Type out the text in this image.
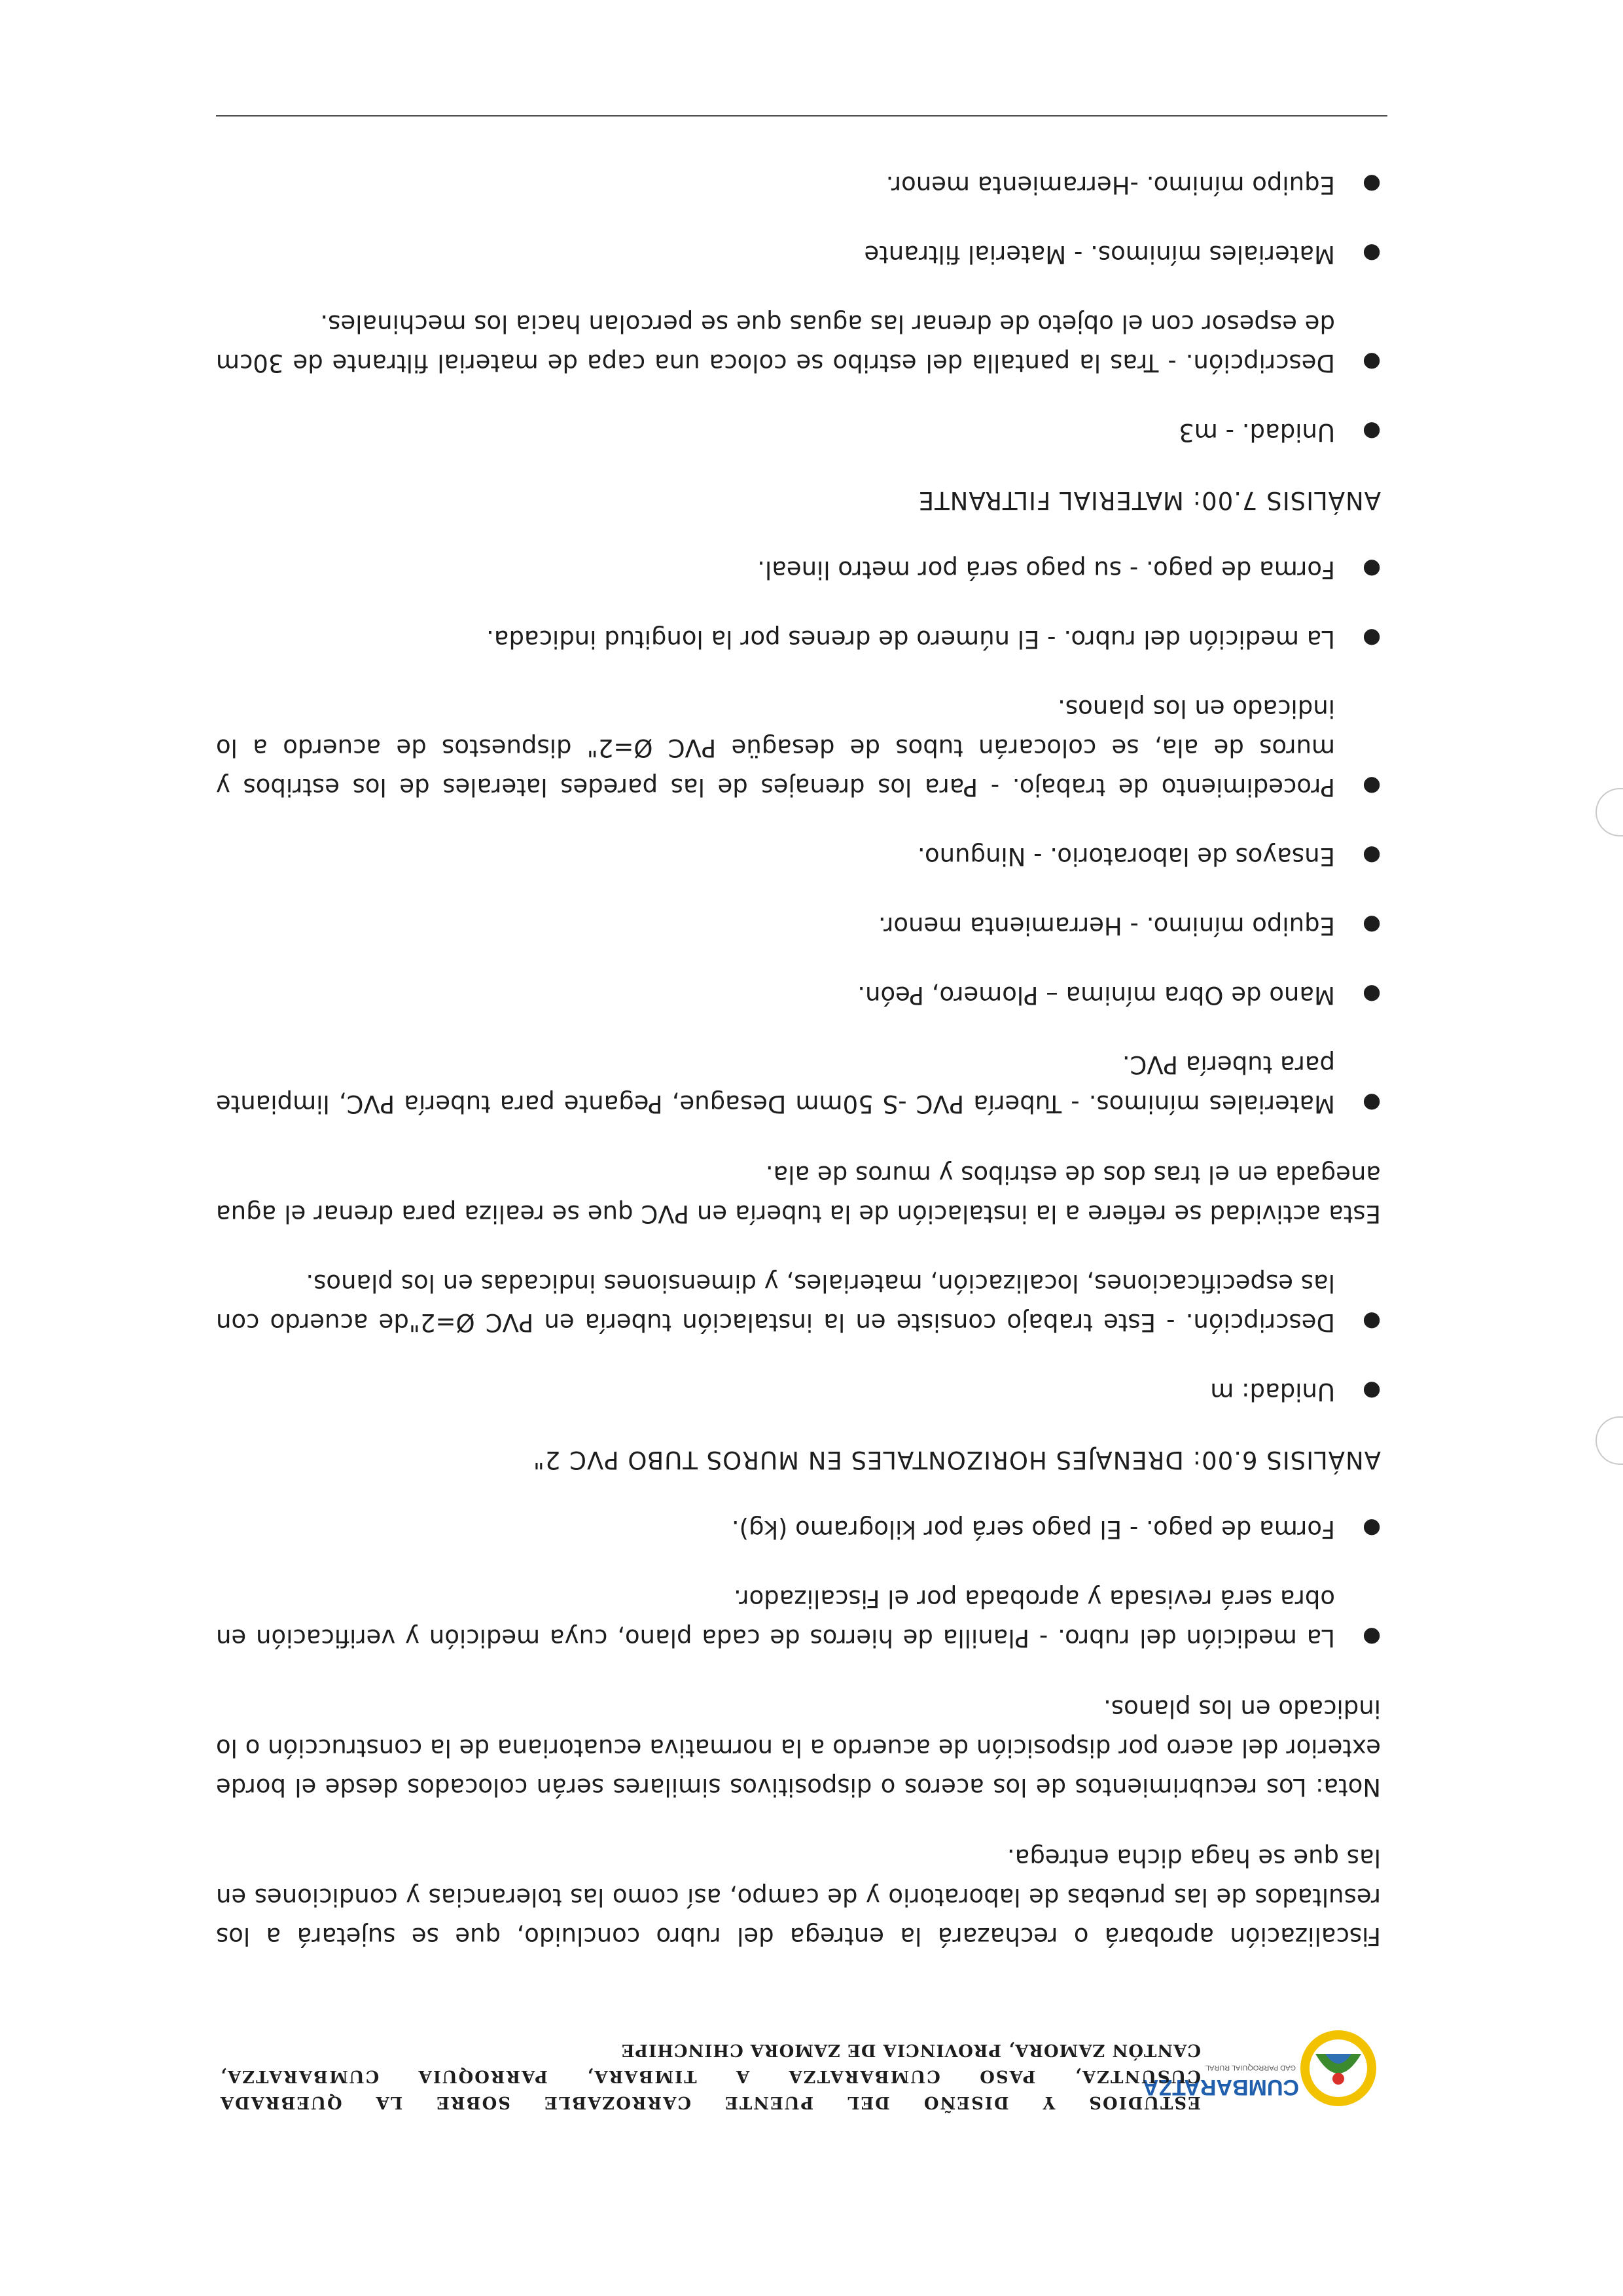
CUMBARATZA
GAD PARROQUIAL RURAL
ESTUDIOS Y DISEÑO DEL PUENTE CARROZABLE SOBRE LA QUEBRADA
CUSUNTZA, PASO CUMBARATZA A TIMBARA, PARROQUIA CUMBARATZA,
CANTÓN ZAMORA, PROVINCIA DE ZAMORA CHINCHIPE

Fiscalización aprobará o rechazará la entrega del rubro concluido, que se sujetará a los resultados de las pruebas de laboratorio y de campo, así como las tolerancias y condiciones en las que se haga dicha entrega.

Nota: Los recubrimientos de los aceros o dispositivos similares serán colocados desde el borde exterior del acero por disposición de acuerdo a la normativa ecuatoriana de la construcción o lo indicado en los planos.

●
La medición del rubro. - Planilla de hierros de cada plano, cuya medición y verificación en obra será revisada y aprobada por el Fiscalizador.
●
Forma de pago. - El pago será por kilogramo (kg).

ANÁLISIS 6.00: DRENAJES HORIZONTALES EN MUROS TUBO PVC 2"

●
Unidad: m
●
Descripción. - Este trabajo consiste en la instalación tubería en PVC Ø=2"de acuerdo con las especificaciones, localización, materiales, y dimensiones indicadas en los planos.

Esta actividad se refiere a la instalación de la tubería en PVC que se realiza para drenar el agua anegada en el tras dos de estribos y muros de ala.

●
Materiales mínimos. - Tubería PVC -S 50mm Desague, Pegante para tubería PVC, limpiante para tubería PVC.
●
Mano de Obra mínima – Plomero, Peón.
●
Equipo mínimo. - Herramienta menor.
●
Ensayos de laboratorio. - Ninguno.
●
Procedimiento de trabajo. - Para los drenajes de las paredes laterales de los estribos y muros de ala, se colocarán tubos de desagüe PVC Ø=2" dispuestos de acuerdo a lo indicado en los planos.
●
La medición del rubro. - El número de drenes por la longitud indicada.
●
Forma de pago. - su pago será por metro lineal.

ANÁLISIS 7.00: MATERIAL FILTRANTE

●
Unidad. - m3
●
Descripción. - Tras la pantalla del estribo se coloca una capa de material filtrante de 30cm de espesor con el objeto de drenar las aguas que se percolan hacia los mechinales.
●
Materiales mínimos. - Material filtrante
●
Equipo mínimo. -Herramienta menor.
